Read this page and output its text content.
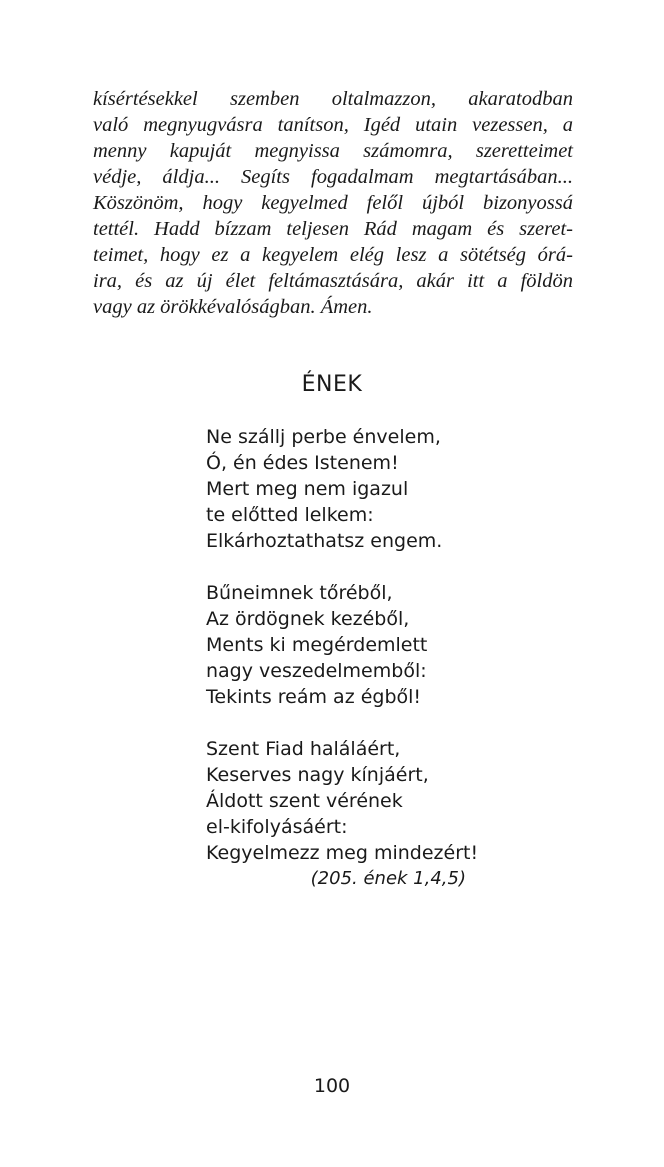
kísértésekkel szemben oltalmazzon, akaratodban
való megnyugvásra tanítson, Igéd utain vezessen, a
menny kapuját megnyissa számomra, szeretteimet
védje, áldja... Segíts fogadalmam megtartásában...
Köszönöm, hogy kegyelmed felől újból bizonyossá
tettél. Hadd bízzam teljesen Rád magam és szeret-
teimet, hogy ez a kegyelem elég lesz a sötétség órá-
ira, és az új élet feltámasztására, akár itt a földön
vagy az örökkévalóságban. Ámen.
ÉNEK

Ne szállj perbe énvelem,
Ó, én édes Istenem!
Mert meg nem igazul
te előtted lelkem:
Elkárhoztathatsz engem.

Bűneimnek tőréből,
Az ördögnek kezéből,
Ments ki megérdemlett
nagy veszedelmemből:
Tekints reám az égből!

Szent Fiad haláláért,
Keserves nagy kínjáért,
Áldott szent vérének
el-kifolyásáért:
Kegyelmezz meg mindezért!
(205. ének 1,4,5)

100
